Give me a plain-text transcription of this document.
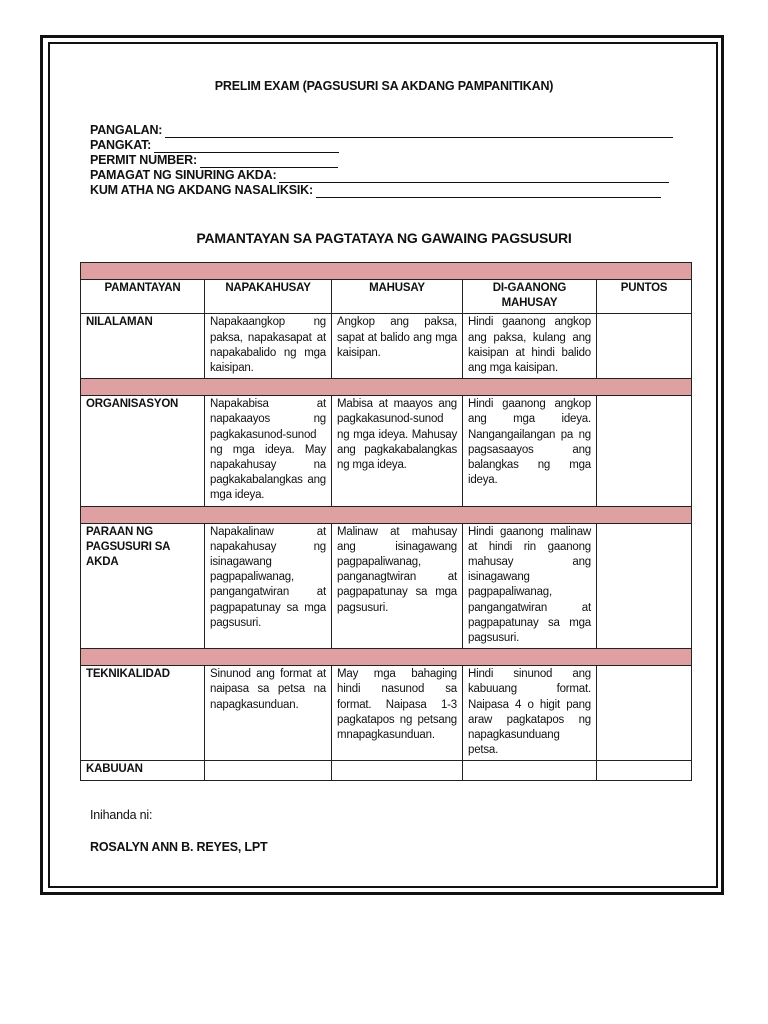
PRELIM EXAM (PAGSUSURI SA AKDANG PAMPANITIKAN)
PANGALAN:
PANGKAT:
PERMIT NUMBER:
PAMAGAT NG SINURING AKDA:
KUM ATHA NG AKDANG NASALIKSIK:
PAMANTAYAN SA PAGTATAYA NG GAWAING PAGSUSURI

PAMANTAYAN	NAPAKAHUSAY	MAHUSAY	DI-GAANONG MAHUSAY	PUNTOS
NILALAMAN	Napakaangkop ng paksa, napakasapat at napakabalido ng mga kaisipan.	Angkop ang paksa, sapat at balido ang mga kaisipan.	Hindi gaanong angkop ang paksa, kulang ang kaisipan at hindi balido ang mga kaisipan.	

ORGANISASYON	Napakabisa at napakaayos ng pagkakasunod-sunod ng mga ideya. May napakahusay na pagkakabalangkas ang mga ideya.	Mabisa at maayos ang pagkakasunod-sunod ng mga ideya. Mahusay ang pagkakabalangkas ng mga ideya.	Hindi gaanong angkop ang mga ideya. Nangangailangan pa ng pagsasaayos ang balangkas ng mga ideya.	

PARAAN NG PAGSUSURI SA AKDA	Napakalinaw at napakahusay ng isinagawang pagpapaliwanag, pangangatwiran at pagpapatunay sa mga pagsusuri.	Malinaw at mahusay ang isinagawang pagpapaliwanag, panganagtwiran at pagpapatunay sa mga pagsusuri.	Hindi gaanong malinaw at hindi rin gaanong mahusay ang isinagawang pagpapaliwanag, pangangatwiran at pagpapatunay sa mga pagsusuri.	

TEKNIKALIDAD	Sinunod ang format at naipasa sa petsa na napagkasunduan.	May mga bahaging hindi nasunod sa format. Naipasa 1-3 pagkatapos ng petsang mnapagkasunduan.	Hindi sinunod ang kabuuang format. Naipasa 4 o higit pang araw pagkatapos ng napagkasunduang petsa.	
KABUUAN				
Inihanda ni:
ROSALYN ANN B. REYES, LPT
